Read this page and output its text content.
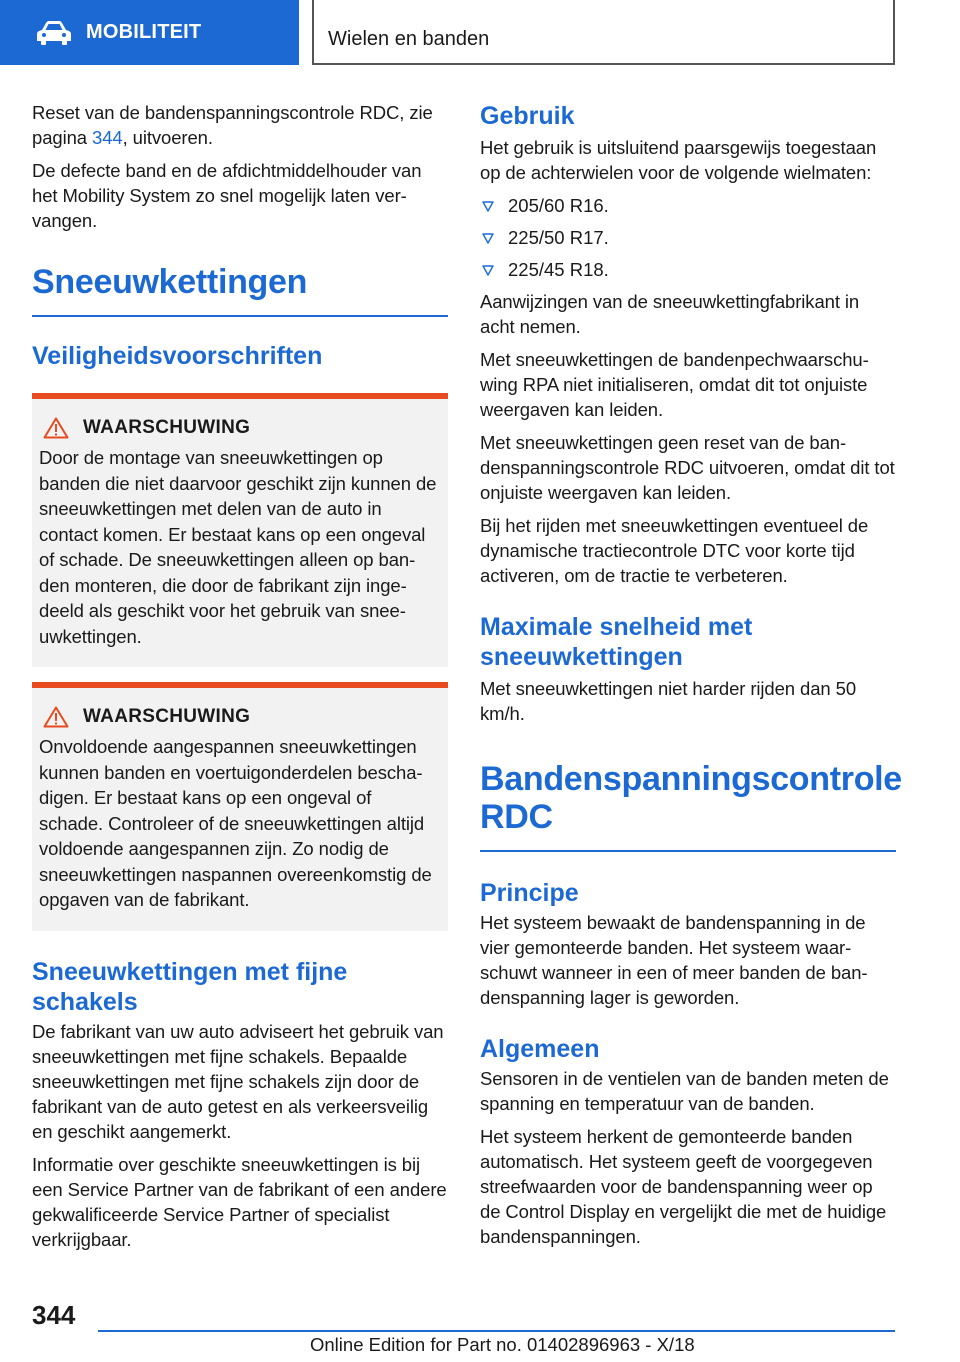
MOBILITEIT	Wielen en banden

Reset van de bandenspanningscontrole RDC, zie pagina 344, uitvoeren.

De defecte band en de afdichtmiddelhouder van het Mobility System zo snel mogelijk laten vervangen.

Sneeuwkettingen
Veiligheidsvoorschriften
WAARSCHUWING

Door de montage van sneeuwkettingen op banden die niet daarvoor geschikt zijn kunnen de sneeuwkettingen met delen van de auto in contact komen. Er bestaat kans op een ongeval of schade. De sneeuwkettingen alleen op banden monteren, die door de fabrikant zijn ingedeeld als geschikt voor het gebruik van sneeuwkettingen.

WAARSCHUWING

Onvoldoende aangespannen sneeuwkettingen kunnen banden en voertuigonderdelen beschadigen. Er bestaat kans op een ongeval of schade. Controleer of de sneeuwkettingen altijd voldoende aangespannen zijn. Zo nodig de sneeuwkettingen naspannen overeenkomstig de opgaven van de fabrikant.

Sneeuwkettingen met fijne schakels

De fabrikant van uw auto adviseert het gebruik van sneeuwkettingen met fijne schakels. Bepaalde sneeuwkettingen met fijne schakels zijn door de fabrikant van de auto getest en als verkeersveilig en geschikt aangemerkt.

Informatie over geschikte sneeuwkettingen is bij een Service Partner van de fabrikant of een andere gekwalificeerde Service Partner of specialist verkrijgbaar.

Gebruik

Het gebruik is uitsluitend paarsgewijs toegestaan op de achterwielen voor de volgende wielmaten:

205/60 R16.
225/50 R17.
225/45 R18.

Aanwijzingen van de sneeuwkettingfabrikant in acht nemen.

Met sneeuwkettingen de bandenpechwaarschuwing RPA niet initialiseren, omdat dit tot onjuiste weergaven kan leiden.

Met sneeuwkettingen geen reset van de bandenspanningscontrole RDC uitvoeren, omdat dit tot onjuiste weergaven kan leiden.

Bij het rijden met sneeuwkettingen eventueel de dynamische tractiecontrole DTC voor korte tijd activeren, om de tractie te verbeteren.

Maximale snelheid met sneeuwkettingen

Met sneeuwkettingen niet harder rijden dan 50 km/h.

Bandenspanningscontrole RDC
Principe

Het systeem bewaakt de bandenspanning in de vier gemonteerde banden. Het systeem waarschuwt wanneer in een of meer banden de bandenspanning lager is geworden.

Algemeen

Sensoren in de ventielen van de banden meten de spanning en temperatuur van de banden.

Het systeem herkent de gemonteerde banden automatisch. Het systeem geeft de voorgegeven streefwaarden voor de bandenspanning weer op de Control Display en vergelijkt die met de huidige bandenspanningen.

344
Online Edition for Part no. 01402896963 - X/18
